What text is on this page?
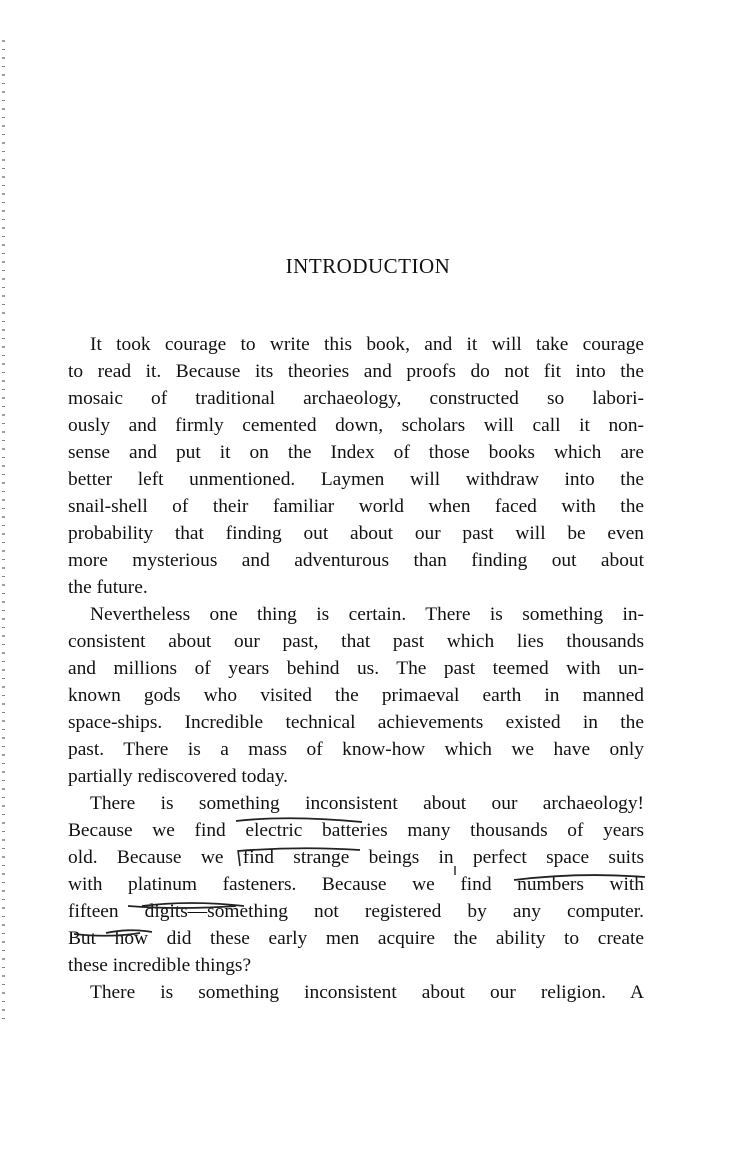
INTRODUCTION
It took courage to write this book, and it will take courage
to read it. Because its theories and proofs do not fit into the
mosaic of traditional archaeology, constructed so labori-
ously and firmly cemented down, scholars will call it non-
sense and put it on the Index of those books which are
better left unmentioned. Laymen will withdraw into the
snail-shell of their familiar world when faced with the
probability that finding out about our past will be even
more mysterious and adventurous than finding out about
the future.
Nevertheless one thing is certain. There is something in-
consistent about our past, that past which lies thousands
and millions of years behind us. The past teemed with un-
known gods who visited the primaeval earth in manned
space-ships. Incredible technical achievements existed in the
past. There is a mass of know-how which we have only
partially rediscovered today.
There is something inconsistent about our archaeology!
Because we find electric batteries many thousands of years
old. Because we find strange beings in perfect space suits
with platinum fasteners. Because we find numbers with
fifteen digits—something not registered by any computer.
But how did these early men acquire the ability to create
these incredible things?
There is something inconsistent about our religion. A
